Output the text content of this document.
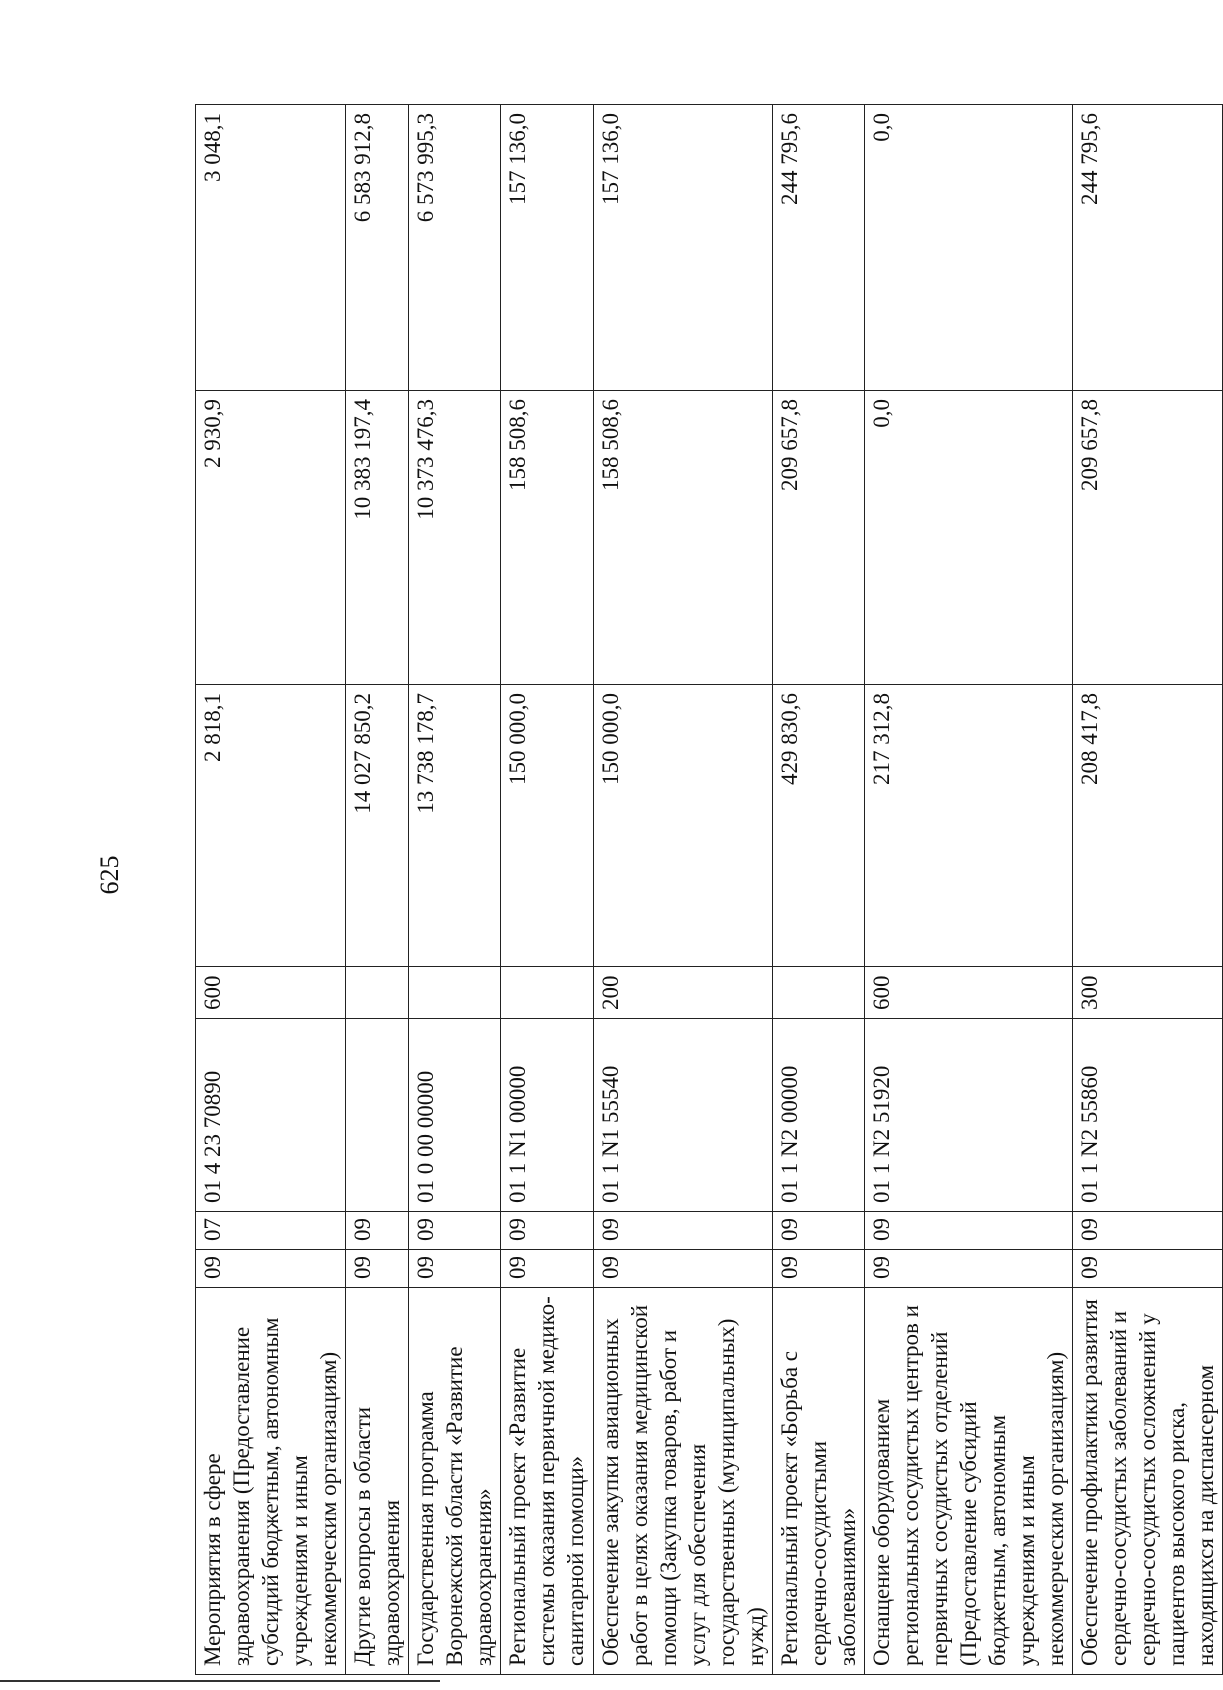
625
Мероприятия в сфере здравоохранения (Предоставление субсидий бюджетным, автономным учреждениям и иным некоммерческим организациям)	09	07	01 4 23 70890	600	2 818,1	2 930,9	3 048,1
Другие вопросы в области здравоохранения	09	09			14 027 850,2	10 383 197,4	6 583 912,8
Государственная программа Воронежской области «Развитие здравоохранения»	09	09	01 0 00 00000		13 738 178,7	10 373 476,3	6 573 995,3
Региональный проект «Развитие системы оказания первичной медико-санитарной помощи»	09	09	01 1 N1 00000		150 000,0	158 508,6	157 136,0
Обеспечение закупки авиационных работ в целях оказания медицинской помощи (Закупка товаров, работ и услуг для обеспечения государственных (муниципальных) нужд)	09	09	01 1 N1 55540	200	150 000,0	158 508,6	157 136,0
Региональный проект «Борьба с сердечно-сосудистыми заболеваниями»	09	09	01 1 N2 00000		429 830,6	209 657,8	244 795,6
Оснащение оборудованием региональных сосудистых центров и первичных сосудистых отделений (Предоставление субсидий бюджетным, автономным учреждениям и иным некоммерческим организациям)	09	09	01 1 N2 51920	600	217 312,8	0,0	0,0
Обеспечение профилактики развития сердечно-сосудистых заболеваний и сердечно-сосудистых осложнений у пациентов высокого риска, находящихся на диспансерном	09	09	01 1 N2 55860	300	208 417,8	209 657,8	244 795,6
